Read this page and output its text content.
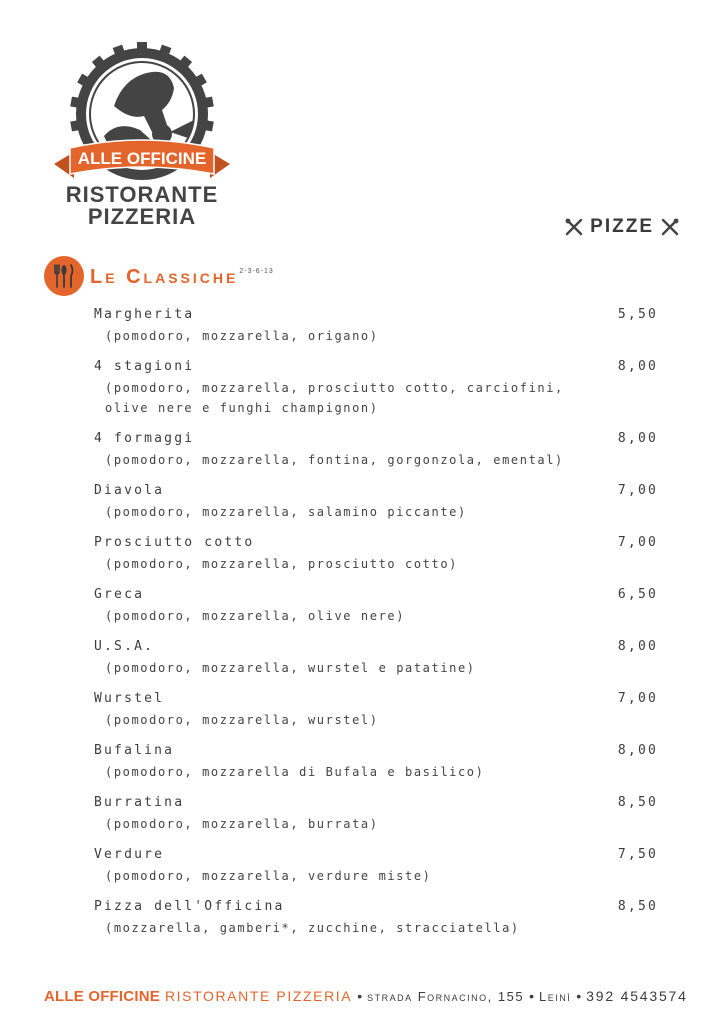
ALLE OFFICINE
RISTORANTE
PIZZERIA	PIZZE
Le Classiche 2-3-6-13
Margherita	5,50
(pomodoro, mozzarella, origano)
4 stagioni	8,00
(pomodoro, mozzarella, prosciutto cotto, carciofini, olive nere e funghi champignon)
4 formaggi	8,00
(pomodoro, mozzarella, fontina, gorgonzola, emental)
Diavola	7,00
(pomodoro, mozzarella, salamino piccante)
Prosciutto cotto	7,00
(pomodoro, mozzarella, prosciutto cotto)
Greca	6,50
(pomodoro, mozzarella, olive nere)
U.S.A.	8,00
(pomodoro, mozzarella, wurstel e patatine)
Wurstel	7,00
(pomodoro, mozzarella, wurstel)
Bufalina	8,00
(pomodoro, mozzarella di Bufala e basilico)
Burratina	8,50
(pomodoro, mozzarella, burrata)
Verdure	7,50
(pomodoro, mozzarella, verdure miste)
Pizza dell'Officina	8,50
(mozzarella, gamberi*, zucchine, stracciatella)
ALLE OFFICINE RISTORANTE PIZZERIA • strada Fornacino, 155 • Leinì • 392 4543574
